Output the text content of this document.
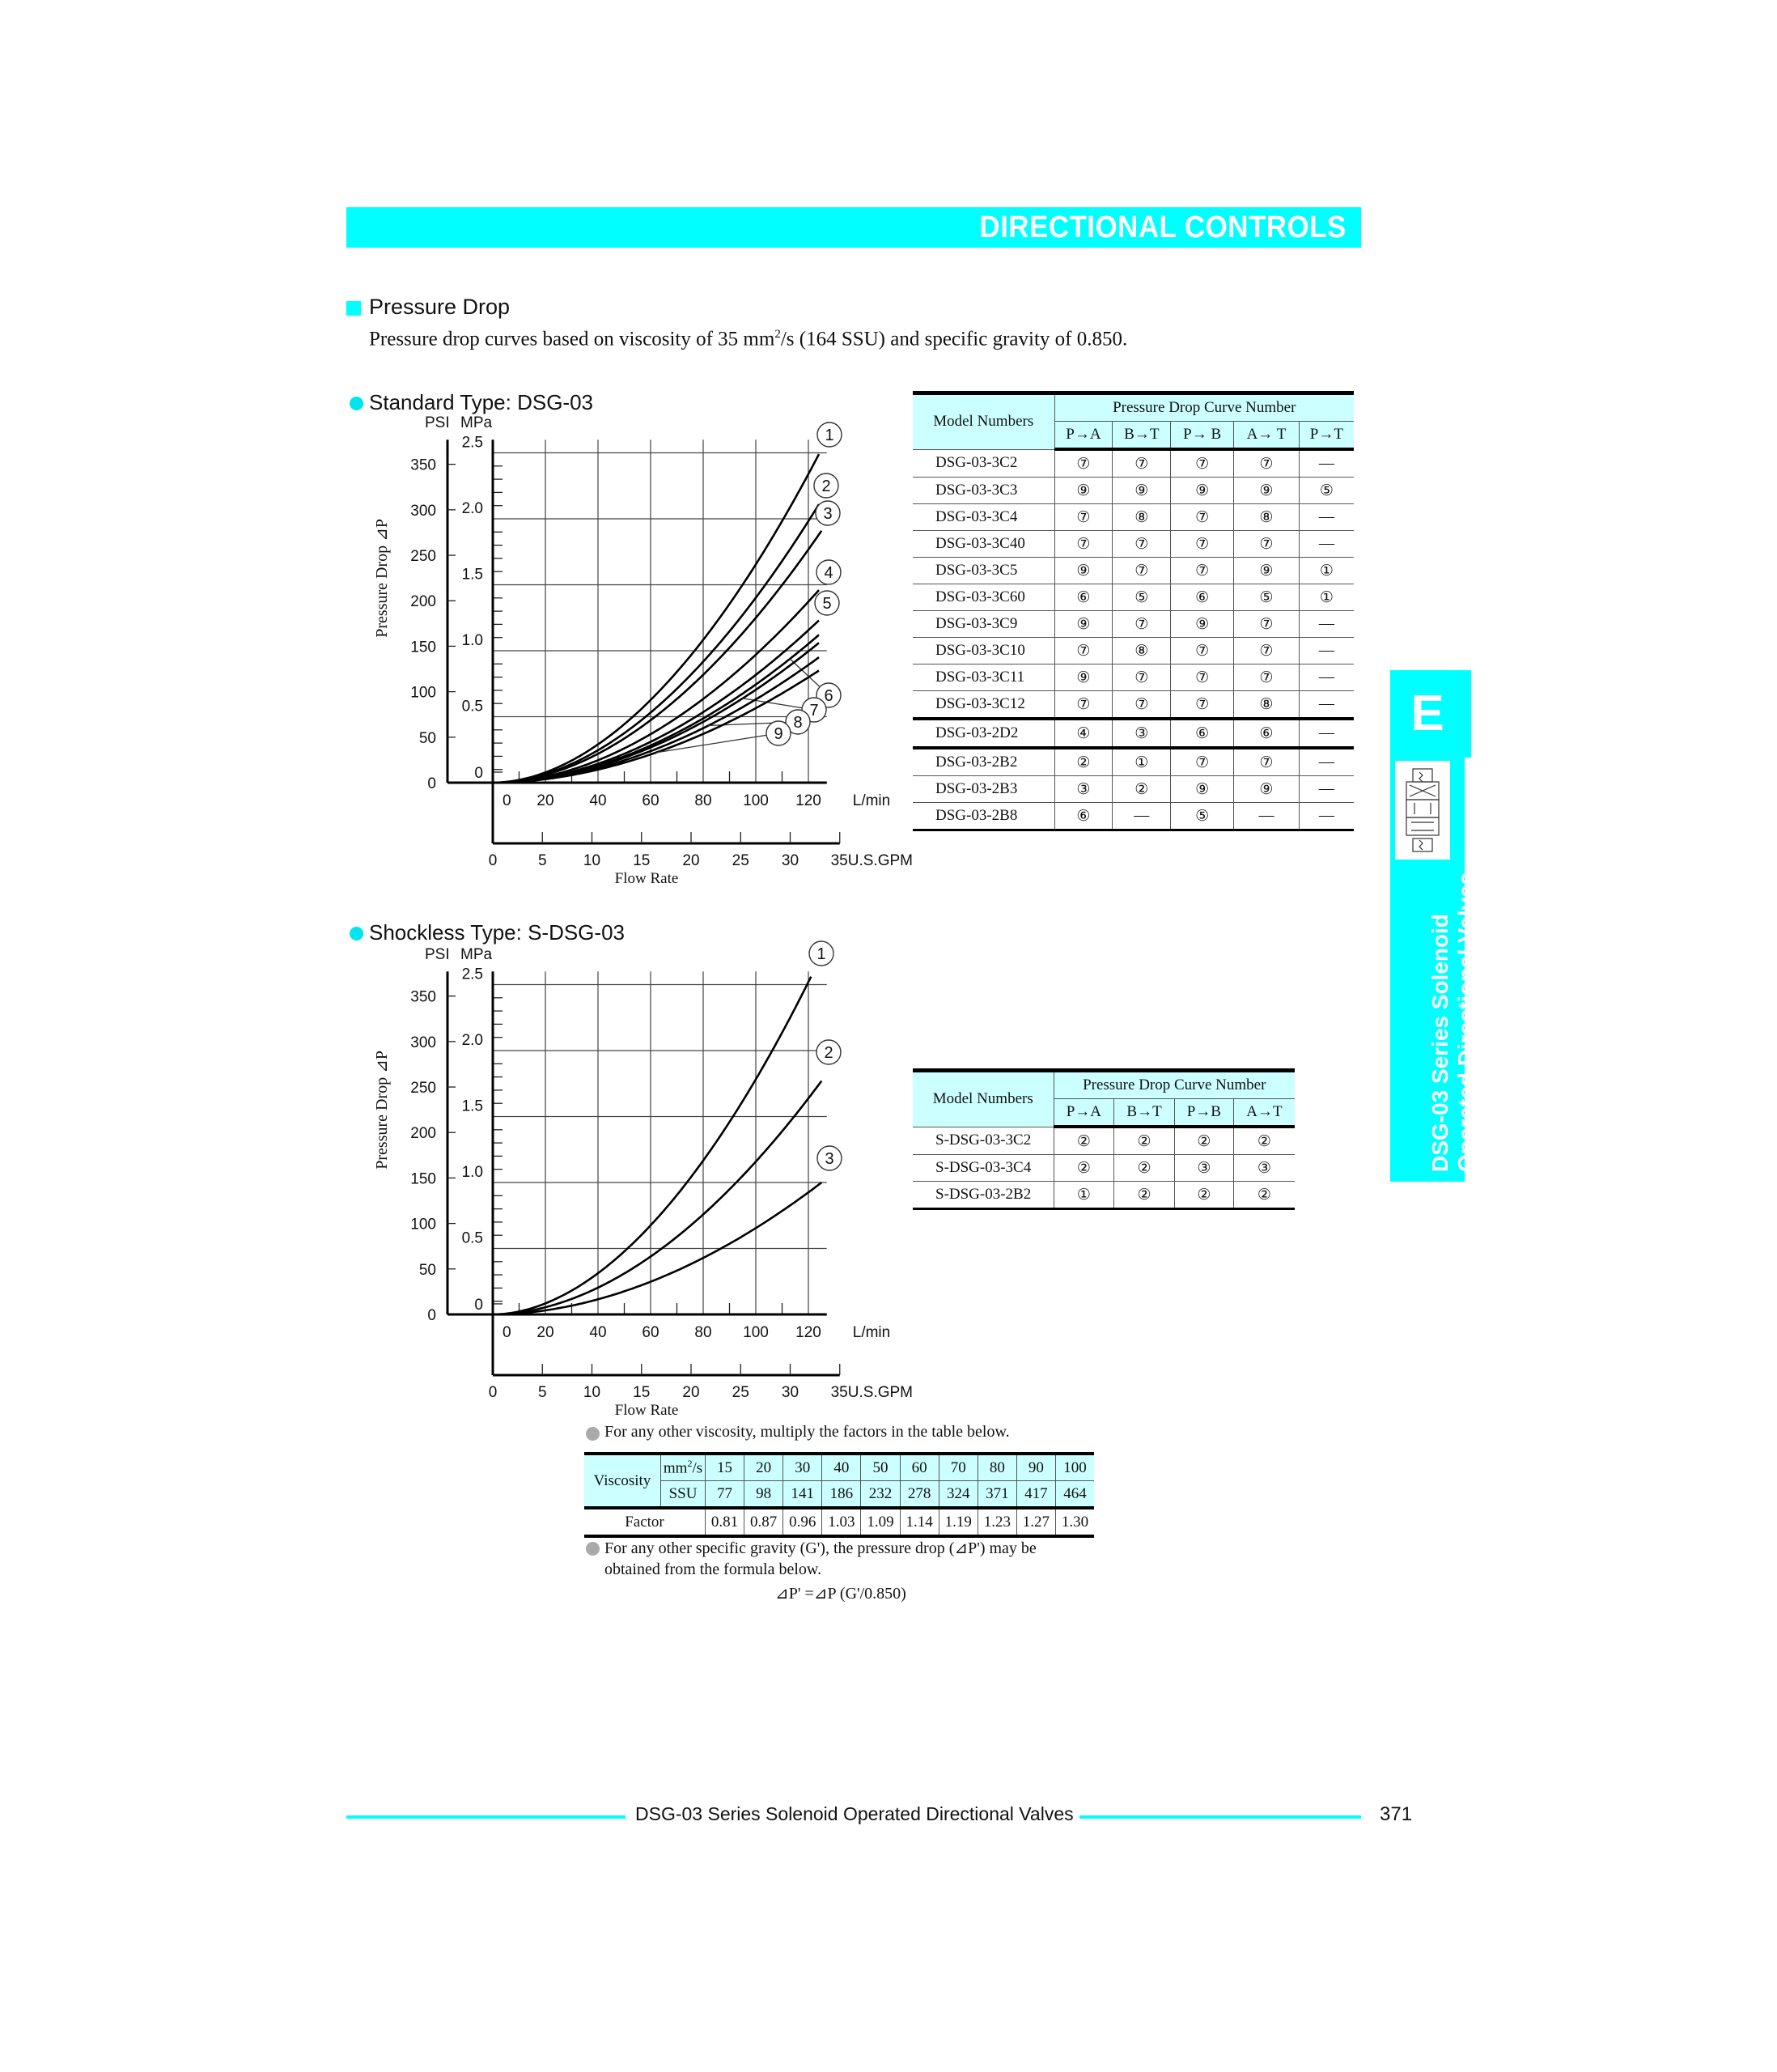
DIRECTIONAL CONTROLS
Pressure Drop
Pressure drop curves based on viscosity of 35 $mm^2/s$ (164 SSU) and specific gravity of 0.850.
Standard Type: DSG-03
PSI MPa
0
0.5
1.0
1.5
2.0
2.5
0
50
100
150
200
250
300
350
0 20 40 60 80 100 120 L/min
0	5 10 15 20 25 30 35 U.S.GPM
Flow Rate
Pressure Drop ⊿P
1
2
3
4
5
6
7
8
9
Shockless Type: S-DSG-03
PSI MPa
0
0.5
1.0
1.5
2.0
2.5
0
50
100
150
200
250
300
350
0 20 40 60 80 100 120 L/min
0	5 10 15 20 25 30 35 U.S.GPM
Flow Rate
Pressure Drop ⊿P
1
2
3
Model Numbers	Pressure Drop Curve Number				
	P→A	B→T	P→ B	A→ T	P→T
DSG-03-3C2	⑦	⑦	⑦	⑦	—
DSG-03-3C3	⑨	⑨	⑨	⑨	⑤
DSG-03-3C4	⑦	⑧	⑦	⑧	—
DSG-03-3C40	⑦	⑦	⑦	⑦	—
DSG-03-3C5	⑨	⑦	⑦	⑨	①
DSG-03-3C60	⑥	⑤	⑥	⑤	①
DSG-03-3C9	⑨	⑦	⑨	⑦	—
DSG-03-3C10	⑦	⑧	⑦	⑦	—
DSG-03-3C11	⑨	⑦	⑦	⑦	—
DSG-03-3C12	⑦	⑦	⑦	⑧	—
DSG-03-2D2	④	③	⑥	⑥	—
DSG-03-2B2	②	①	⑦	⑦	—
DSG-03-2B3	③	②	⑨	⑨	—
DSG-03-2B8	⑥	—	⑤	—	—
Model Numbers	Pressure Drop Curve Number			
	P→A	B→T	P→B	A→T
S-DSG-03-3C2	②	②	②	②
S-DSG-03-3C4	②	②	③	③
S-DSG-03-2B2	①	②	②	②
E
DSG-03 Series Solenoid Operated Directional Valves
For any other viscosity, multiply the factors in the table below.
Viscosity	$mm^2/s$	15	20	30	40	50	60	70	80	90	100
	SSU	77	98	141	186	232	278	324	371	417	464
Factor		0.81	0.87	0.96	1.03	1.09	1.14	1.19	1.23	1.27	1.30
For any other specific gravity (G'), the pressure drop (⊿P') may be
obtained from the formula below.
⊿P' =⊿P (G'/0.850)
DSG-03 Series Solenoid Operated Directional Valves	371
